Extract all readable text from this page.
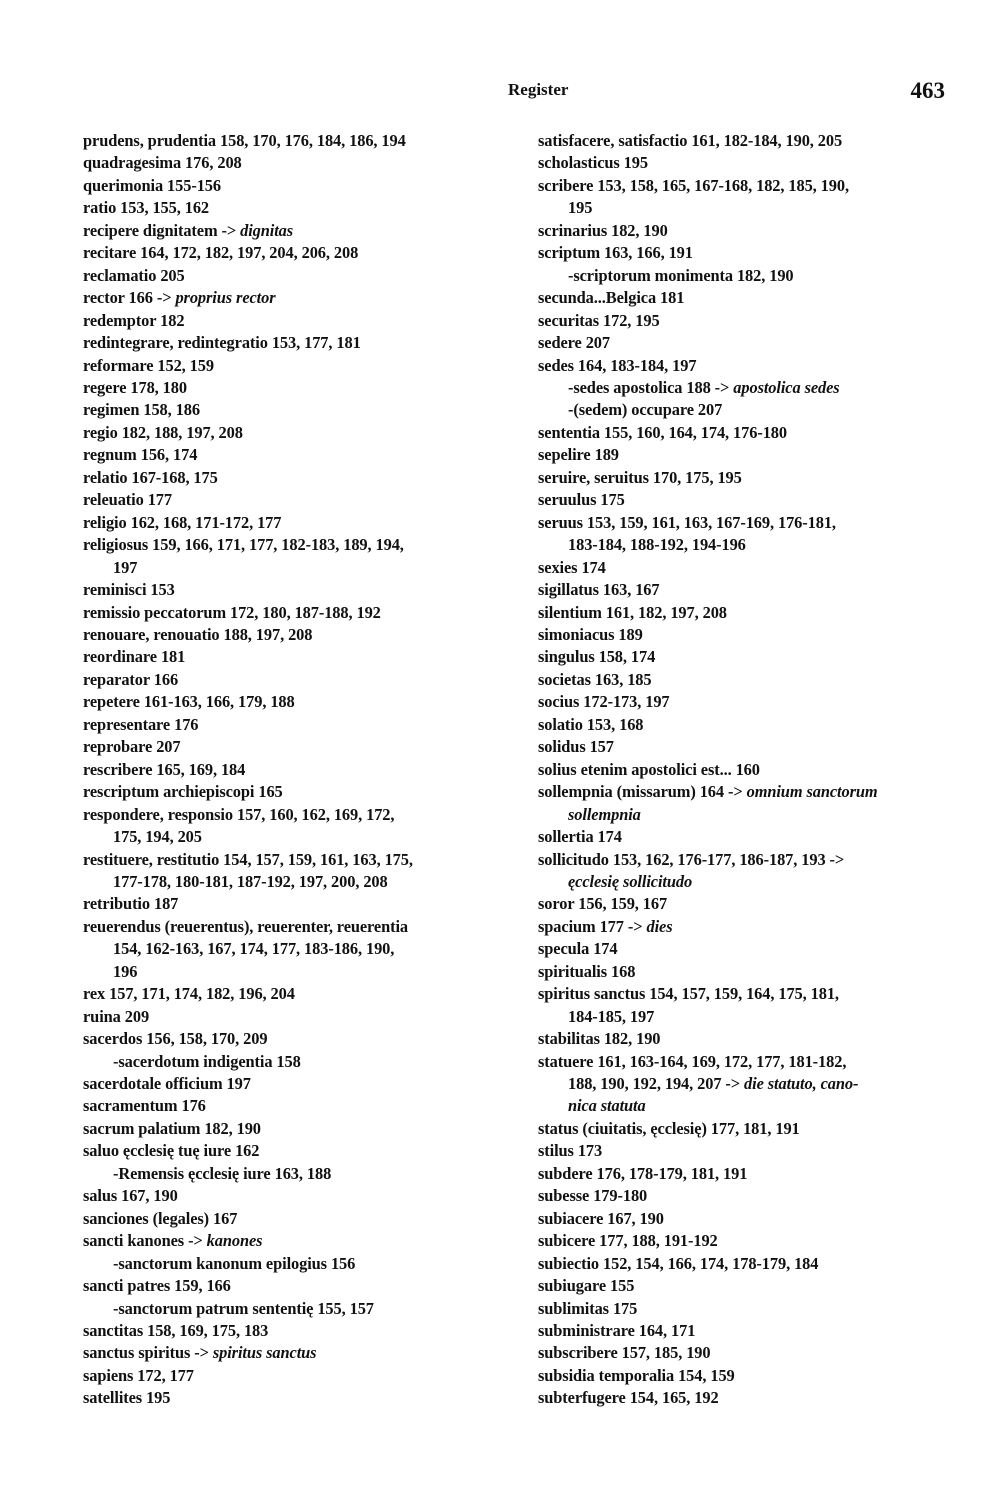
Register	463
prudens, prudentia 158, 170, 176, 184, 186, 194
quadragesima 176, 208
querimonia 155-156
ratio 153, 155, 162
recipere dignitatem -> dignitas
recitare 164, 172, 182, 197, 204, 206, 208
reclamatio 205
rector 166 -> proprius rector
redemptor 182
redintegrare, redintegratio 153, 177, 181
reformare 152, 159
regere 178, 180
regimen 158, 186
regio 182, 188, 197, 208
regnum 156, 174
relatio 167-168, 175
releuatio 177
religio 162, 168, 171-172, 177
religiosus 159, 166, 171, 177, 182-183, 189, 194,
197
reminisci 153
remissio peccatorum 172, 180, 187-188, 192
renouare, renouatio 188, 197, 208
reordinare 181
reparator 166
repetere 161-163, 166, 179, 188
representare 176
reprobare 207
rescribere 165, 169, 184
rescriptum archiepiscopi 165
respondere, responsio 157, 160, 162, 169, 172,
175, 194, 205
restituere, restitutio 154, 157, 159, 161, 163, 175,
177-178, 180-181, 187-192, 197, 200, 208
retributio 187
reuerendus (reuerentus), reuerenter, reuerentia
154, 162-163, 167, 174, 177, 183-186, 190,
196
rex 157, 171, 174, 182, 196, 204
ruina 209
sacerdos 156, 158, 170, 209
-sacerdotum indigentia 158
sacerdotale officium 197
sacramentum 176
sacrum palatium 182, 190
saluo ęcclesię tuę iure 162
-Remensis ęcclesię iure 163, 188
salus 167, 190
sanciones (legales) 167
sancti kanones -> kanones
-sanctorum kanonum epilogius 156
sancti patres 159, 166
-sanctorum patrum sententię 155, 157
sanctitas 158, 169, 175, 183
sanctus spiritus -> spiritus sanctus
sapiens 172, 177
satellites 195
satisfacere, satisfactio 161, 182-184, 190, 205
scholasticus 195
scribere 153, 158, 165, 167-168, 182, 185, 190,
195
scrinarius 182, 190
scriptum 163, 166, 191
-scriptorum monimenta 182, 190
secunda...Belgica 181
securitas 172, 195
sedere 207
sedes 164, 183-184, 197
-sedes apostolica 188 -> apostolica sedes
-(sedem) occupare 207
sententia 155, 160, 164, 174, 176-180
sepelire 189
seruire, seruitus 170, 175, 195
seruulus 175
seruus 153, 159, 161, 163, 167-169, 176-181,
183-184, 188-192, 194-196
sexies 174
sigillatus 163, 167
silentium 161, 182, 197, 208
simoniacus 189
singulus 158, 174
societas 163, 185
socius 172-173, 197
solatio 153, 168
solidus 157
solius etenim apostolici est... 160
sollempnia (missarum) 164 -> omnium sanctorum
sollempnia
sollertia 174
sollicitudo 153, 162, 176-177, 186-187, 193 ->
ęcclesię sollicitudo
soror 156, 159, 167
spacium 177 -> dies
specula 174
spiritualis 168
spiritus sanctus 154, 157, 159, 164, 175, 181,
184-185, 197
stabilitas 182, 190
statuere 161, 163-164, 169, 172, 177, 181-182,
188, 190, 192, 194, 207 -> die statuto, cano-
nica statuta
status (ciuitatis, ęcclesię) 177, 181, 191
stilus 173
subdere 176, 178-179, 181, 191
subesse 179-180
subiacere 167, 190
subicere 177, 188, 191-192
subiectio 152, 154, 166, 174, 178-179, 184
subiugare 155
sublimitas 175
subministrare 164, 171
subscribere 157, 185, 190
subsidia temporalia 154, 159
subterfugere 154, 165, 192
